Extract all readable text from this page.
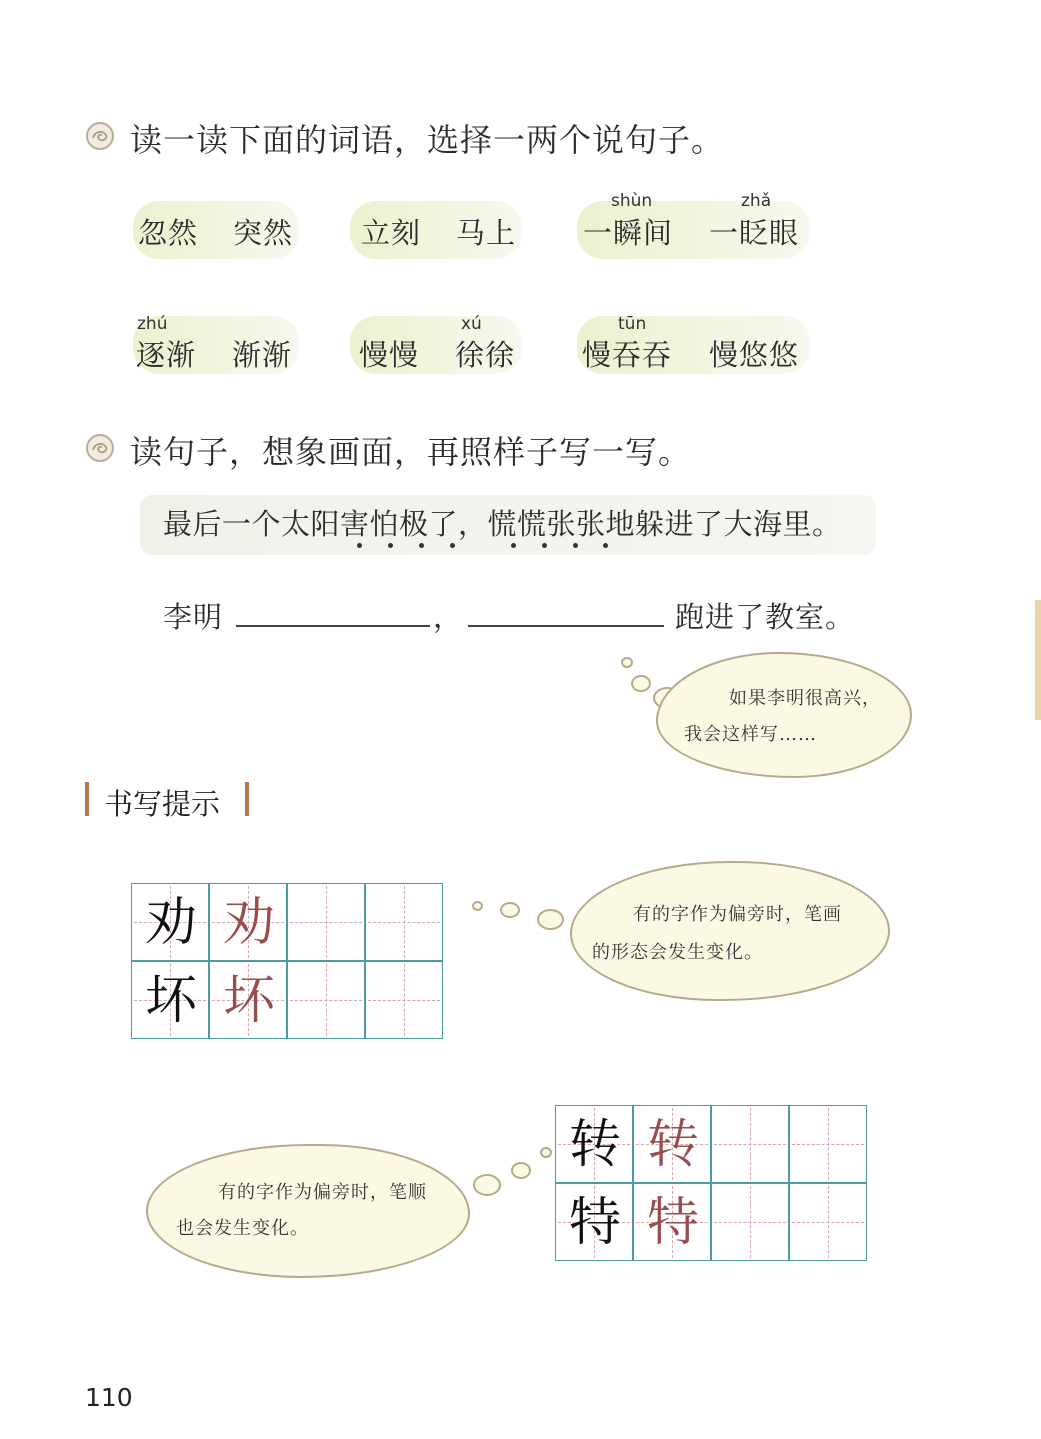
读一读下面的词语，选择一两个说句子。
忽然 突然 立刻 马上
shùn
一瞬间
zhǎ
一眨眼
zhú
逐渐 渐渐 慢慢
xú
徐徐
tūn
慢吞吞 慢悠悠
读句子，想象画面，再照样子写一写。
最后一个太阳害怕极了，慌慌张张地躲进了大海里。
李明	，	跑进了教室。
如果李明很高兴，
我会这样写……
书写提示
劝 劝
坏 坏
有的字作为偏旁时，笔画
的形态会发生变化。
转 转
特 特
有的字作为偏旁时，笔顺
也会发生变化。
110
